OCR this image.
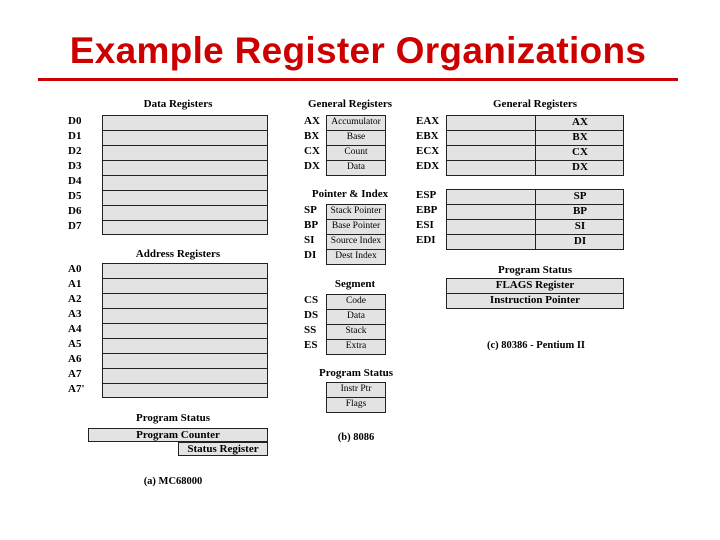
Example Register Organizations
Data Registers
D0
D1
D2
D3
D4
D5
D6
D7
Address Registers
A0
A1
A2
A3
A4
A5
A6
A7
A7'
Program Status
Program Counter
Status Register
(a) MC68000
General Registers
AX	Accumulator
BX	Base
CX	Count
DX	Data
Pointer & Index
SP	Stack Pointer
BP	Base Pointer
SI	Source Index
DI	Dest Index
Segment
CS	Code
DS	Data
SS	Stack
ES	Extra
Program Status
Instr Ptr
Flags
(b) 8086
General Registers
EAX	AX
EBX	BX
ECX	CX
EDX	DX
ESP	SP
EBP	BP
ESI	SI
EDI	DI
Program Status
FLAGS Register
Instruction Pointer
(c) 80386 - Pentium II
